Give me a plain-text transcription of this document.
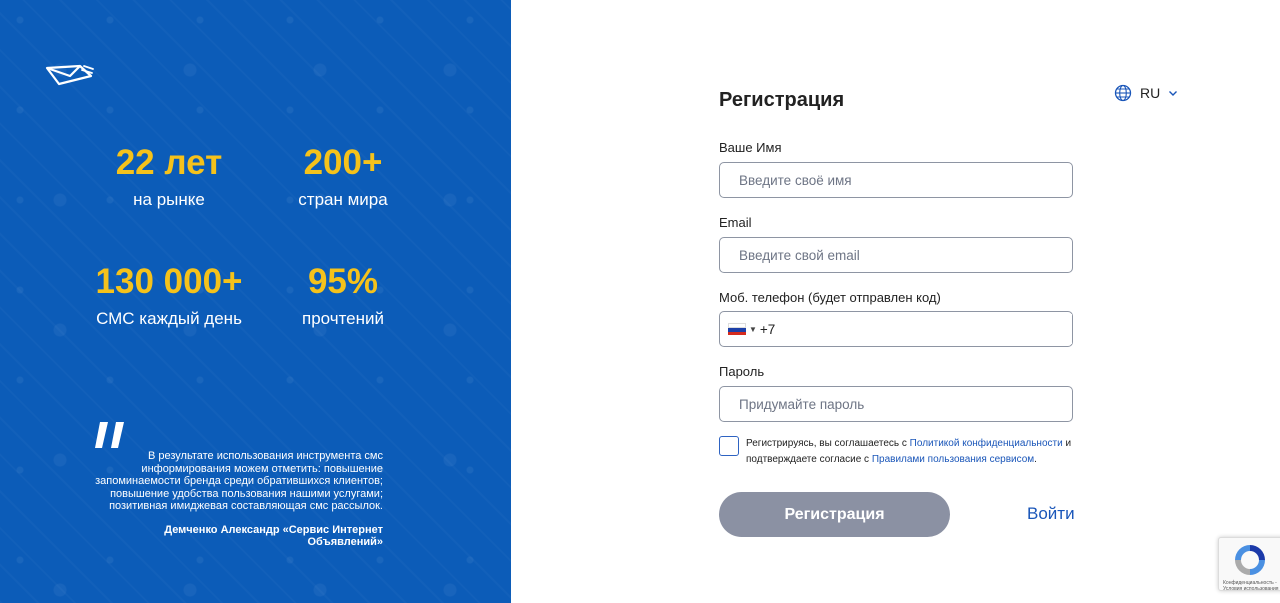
22 лет
на рынке
200+
стран мира
130 000+
СМС каждый день
95%
прочтений
В результате использования инструмента смс информирования можем отметить: повышение запоминаемости бренда среди обратившихся клиентов; повышение удобства пользования нашими услугами; позитивная имиджевая составляющая смс рассылок.
Демченко Александр «Сервис Интернет Объявлений»
RU
Регистрация
Ваше Имя
Введите своё имя
Email
Введите свой email
Моб. телефон (будет отправлен код)
▼ +7
Пароль
Регистрируясь, вы соглашаетесь с Политикой конфиденциальности и подтверждаете согласие с Правилами пользования сервисом.
Регистрация	Войти
Конфиденциальность - Условия использования
